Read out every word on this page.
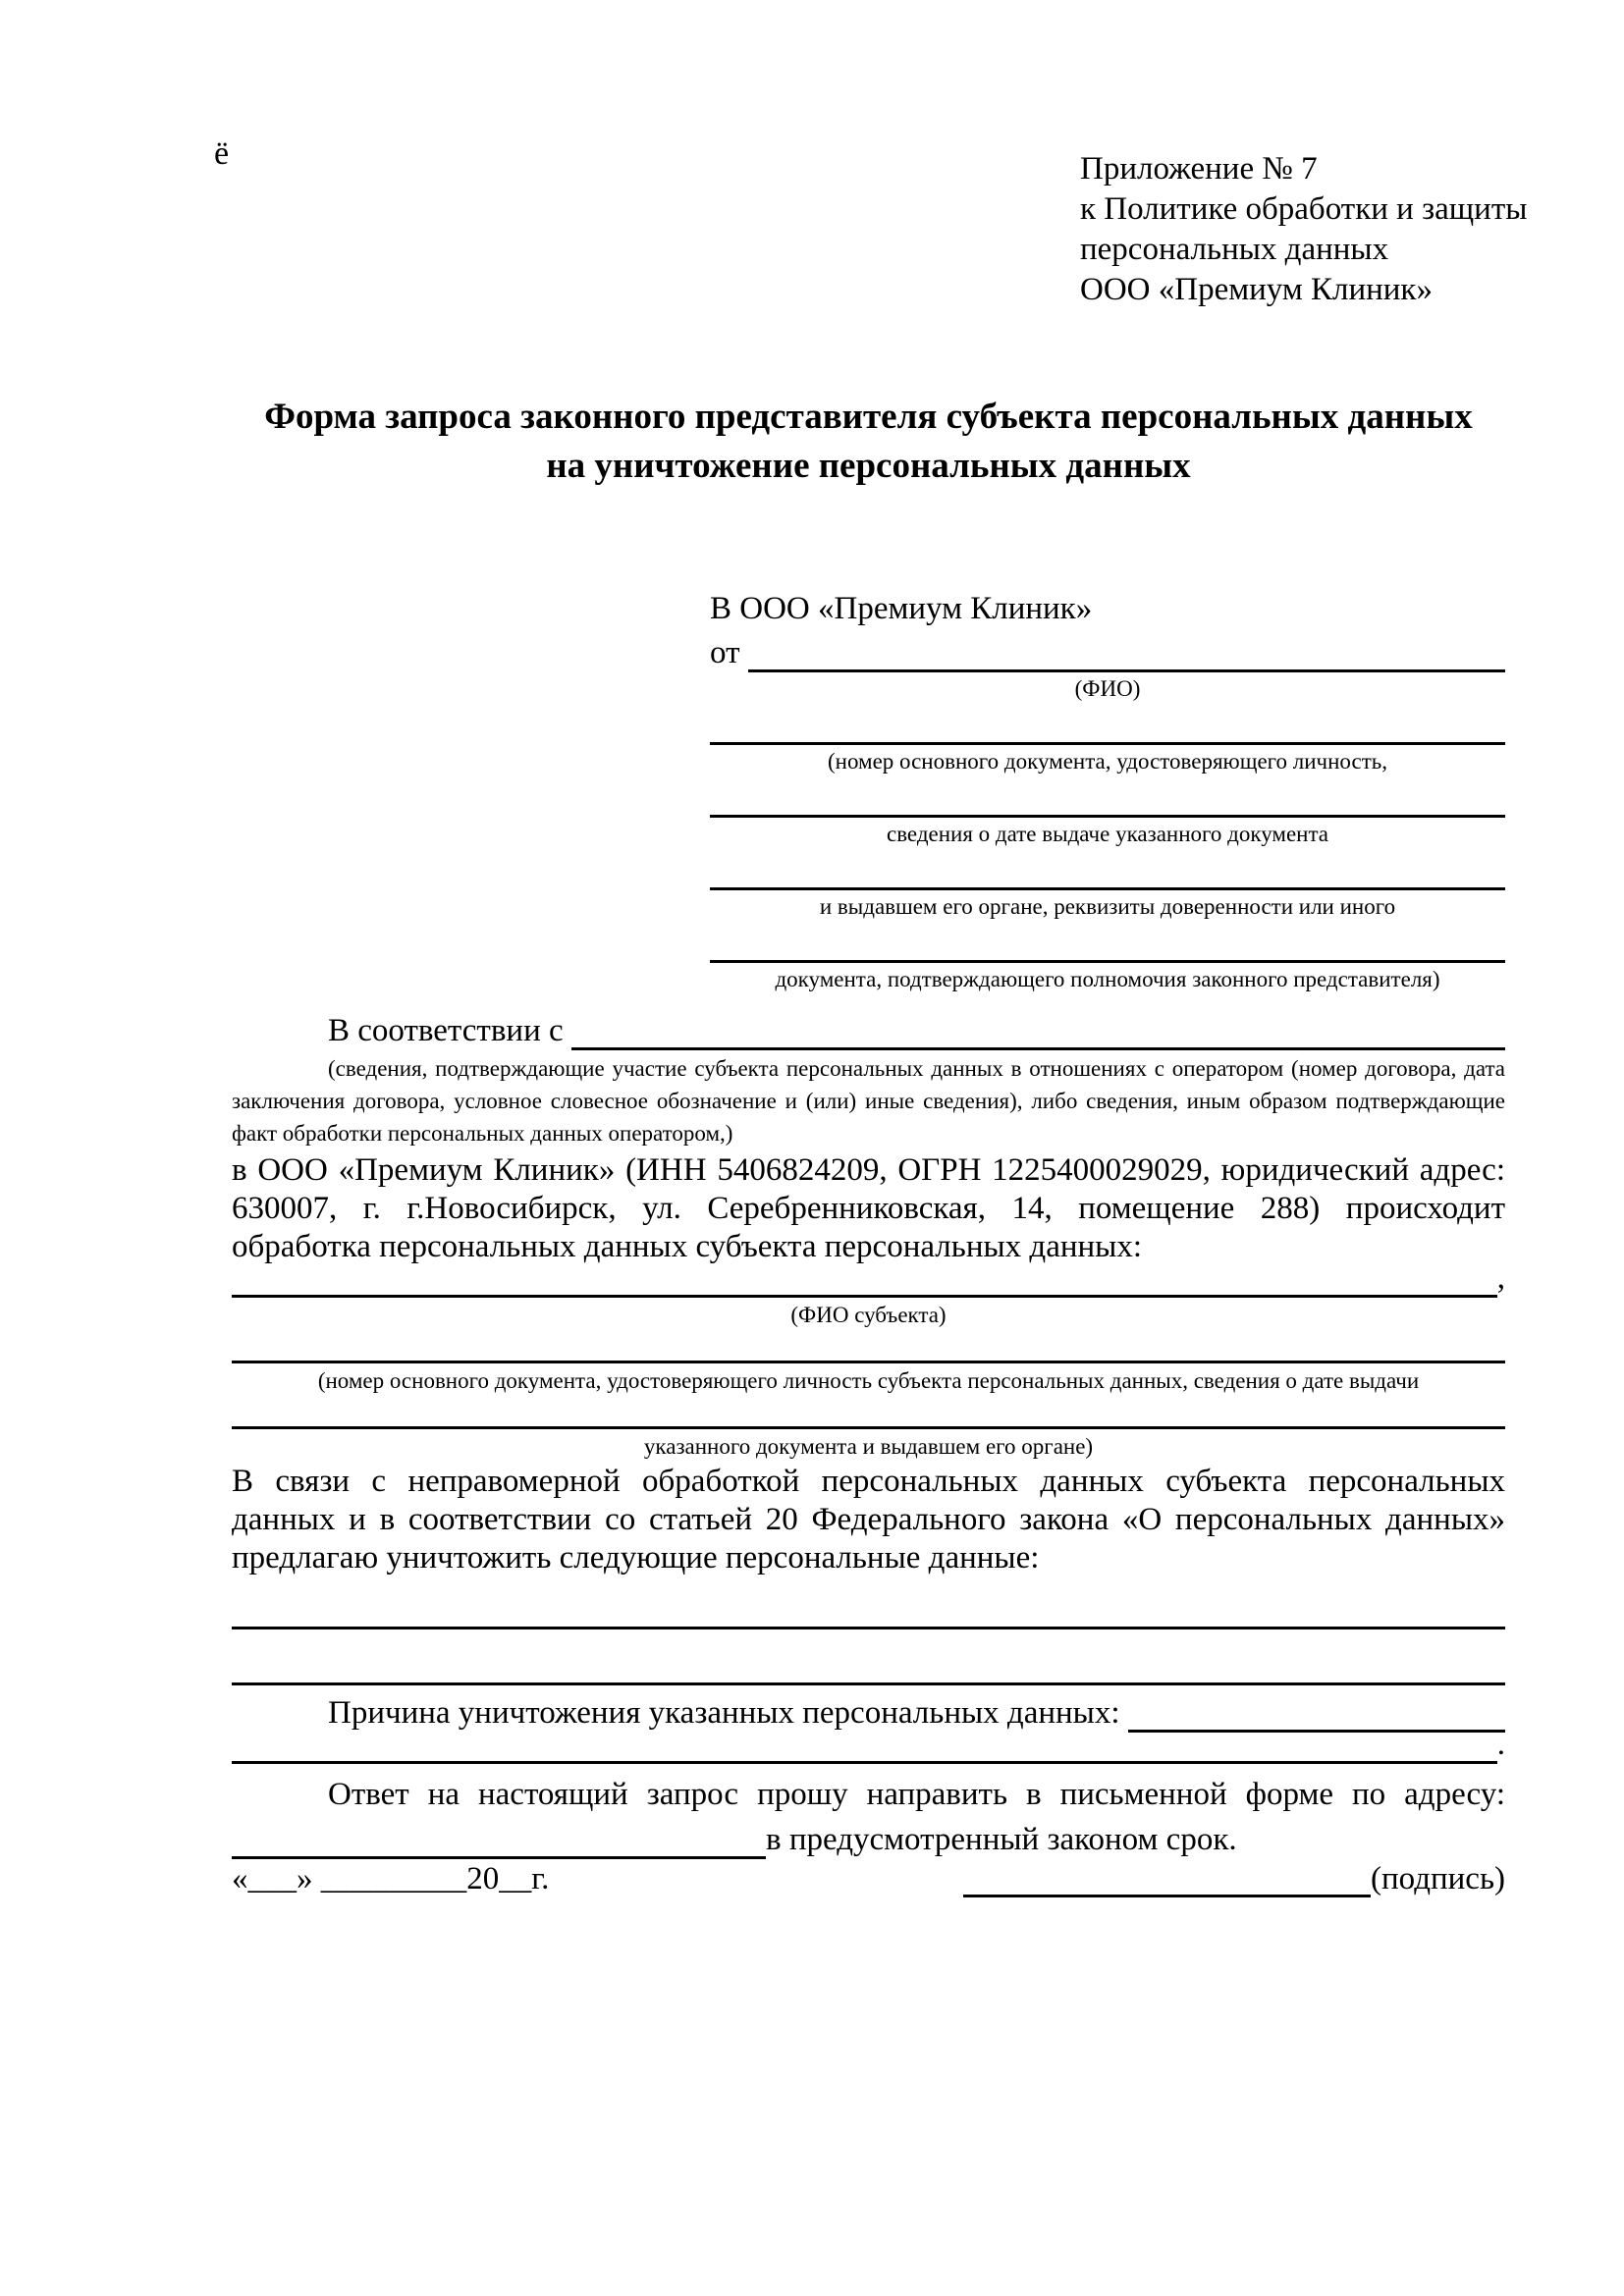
ё	Приложение № 7
к Политике обработки и защиты
персональных данных
ООО «Премиум Клиник»
Форма запроса законного представителя субъекта персональных данных
на уничтожение персональных данных
В ООО «Премиум Клиник»
от
(ФИО)
(номер основного документа, удостоверяющего личность,
сведения о дате выдаче указанного документа
и выдавшем его органе, реквизиты доверенности или иного
документа, подтверждающего полномочия законного представителя)
В соответствии с
(сведения, подтверждающие участие субъекта персональных данных в отношениях с оператором (номер договора, дата заключения договора, условное словесное обозначение и (или) иные сведения), либо сведения, иным образом подтверждающие факт обработки персональных данных оператором,)
в ООО «Премиум Клиник» (ИНН 5406824209, ОГРН 1225400029029, юридический адрес: 630007, г. г.Новосибирск, ул. Серебренниковская, 14, помещение 288) происходит обработка персональных данных субъекта персональных данных:
,
(ФИО субъекта)
(номер основного документа, удостоверяющего личность субъекта персональных данных, сведения о дате выдачи
указанного документа и выдавшем его органе)
В связи с неправомерной обработкой персональных данных субъекта персональных данных и в соответствии со статьей 20 Федерального закона «О персональных данных» предлагаю уничтожить следующие персональные данные:
Причина уничтожения указанных персональных данных:
.
Ответ на настоящий запрос прошу направить в письменной форме по адресу:
в предусмотренный законом срок.
«___» _________20__г.	(подпись)
